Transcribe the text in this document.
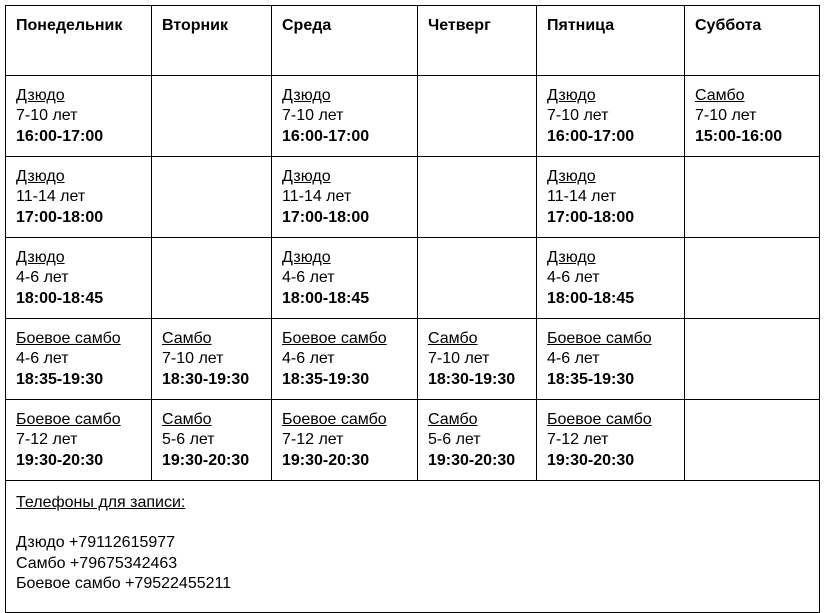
Понедельник	Вторник	Среда	Четверг	Пятница	Суббота

Дзюдо
7-10 лет
16:00-17:00		Дзюдо
7-10 лет
16:00-17:00		Дзюдо
7-10 лет
16:00-17:00	Самбо
7-10 лет
15:00-16:00

Дзюдо
11-14 лет
17:00-18:00		Дзюдо
11-14 лет
17:00-18:00		Дзюдо
11-14 лет
17:00-18:00	

Дзюдо
4-6 лет
18:00-18:45		Дзюдо
4-6 лет
18:00-18:45		Дзюдо
4-6 лет
18:00-18:45	

Боевое самбо
4-6 лет
18:35-19:30	Самбо
7-10 лет
18:30-19:30	Боевое самбо
4-6 лет
18:35-19:30	Самбо
7-10 лет
18:30-19:30	Боевое самбо
4-6 лет
18:35-19:30	

Боевое самбо
7-12 лет
19:30-20:30	Самбо
5-6 лет
19:30-20:30	Боевое самбо
7-12 лет
19:30-20:30	Самбо
5-6 лет
19:30-20:30	Боевое самбо
7-12 лет
19:30-20:30	

Телефоны для записи:
Дзюдо +79112615977
Самбо +79675342463
Боевое самбо +79522455211					
